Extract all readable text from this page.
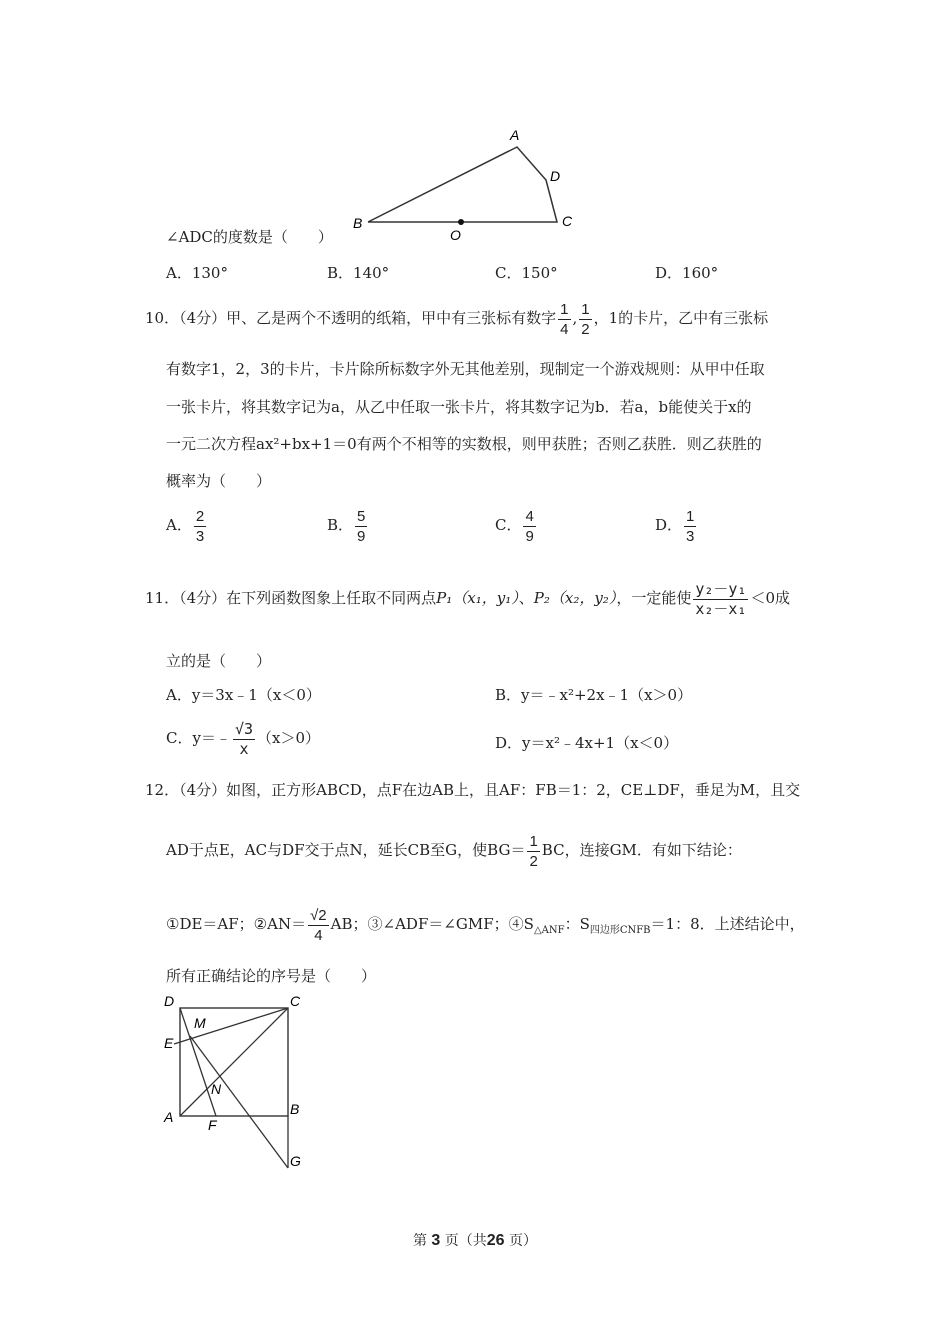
A
D
B
O
C
∠ADC的度数是（　　）
A．130°	B．140°	C．150°	D．160°
10．（4分）甲、乙是两个不透明的纸箱，甲中有三张标有数字 $\frac{1}{4}$ , $\frac{1}{2}$ ，1的卡片，乙中有三张标
有数字1，2，3的卡片，卡片除所标数字外无其他差别，现制定一个游戏规则：从甲中任取
一张卡片，将其数字记为a，从乙中任取一张卡片，将其数字记为b．若a，b能使关于x的
一元二次方程ax²+bx+1＝0有两个不相等的实数根，则甲获胜；否则乙获胜．则乙获胜的
概率为（　　）
A． $\frac{2}{3}$	B． $\frac{5}{9}$	C． $\frac{4}{9}$	D． $\frac{1}{3}$
11．（4分）在下列函数图象上任取不同两点P₁（x₁，y₁）、P₂（x₂，y₂），一定能使 $\frac{\text{y₂－y₁}}{\text{x₂－x₁}} <0$成
立的是（　　）
A．y＝3x﹣1（x＜0）	B．y＝﹣x²+2x﹣1（x＞0）
C．y＝﹣ $\frac{√3}{x} (x>0)$	D．y＝x²﹣4x+1（x＜0）
12．（4分）如图，正方形ABCD，点F在边AB上，且AF：FB＝1：2，CE⊥DF，垂足为M，且交
AD于点E，AC与DF交于点N，延长CB至G，使$BG= \frac{1}{2}$ BC，连接GM．有如下结论：
①DE＝AF；②AN＝ $\frac{√2}{4}$ AB；③∠ADF＝∠GMF；$④S_{\triangle ANF}$：$S_{四边形CNFB}=1$：8．上述结论中，
所有正确结论的序号是（　　）
D	C
M
E
N
A F
B
G
第 3 页（共26 页）
